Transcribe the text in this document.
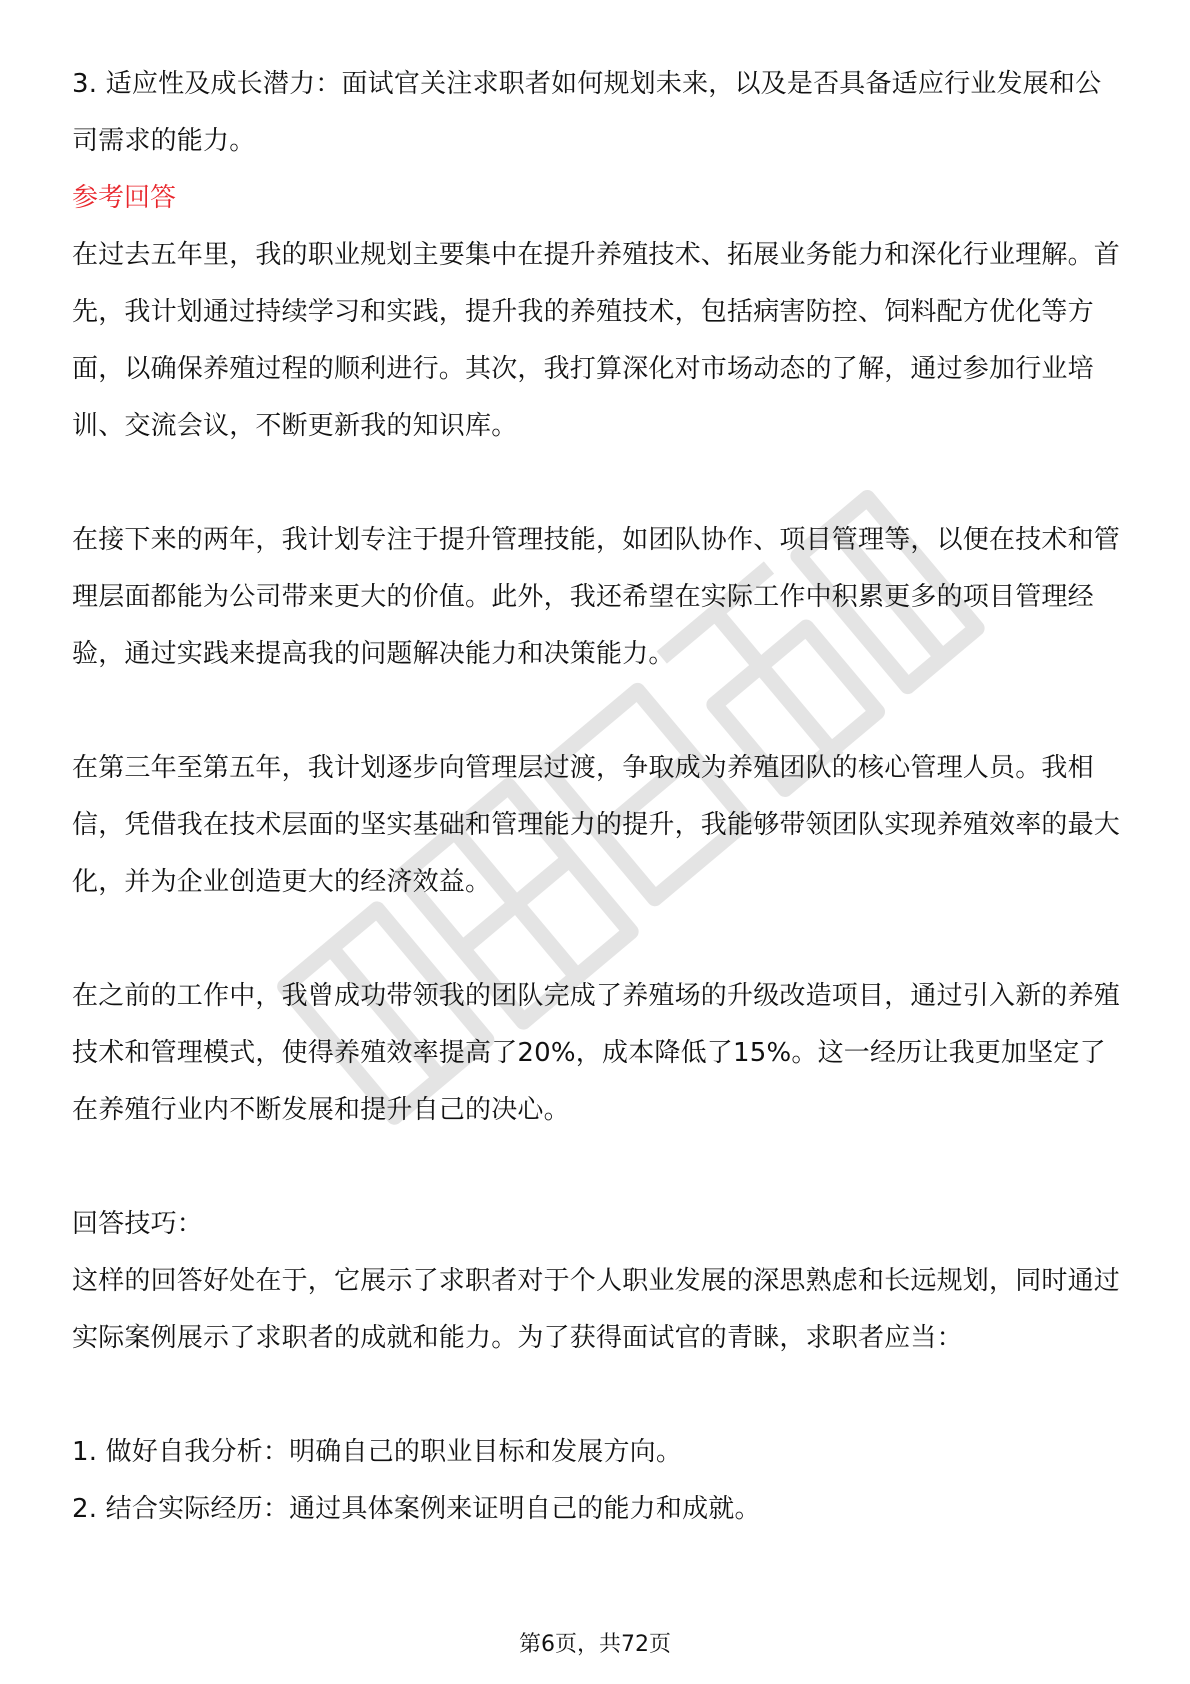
3. 适应性及成长潜力：面试官关注求职者如何规划未来，以及是否具备适应行业发展和公司需求的能力。

参考回答

在过去五年里，我的职业规划主要集中在提升养殖技术、拓展业务能力和深化行业理解。首先，我计划通过持续学习和实践，提升我的养殖技术，包括病害防控、饲料配方优化等方面，以确保养殖过程的顺利进行。其次，我打算深化对市场动态的了解，通过参加行业培训、交流会议，不断更新我的知识库。

在接下来的两年，我计划专注于提升管理技能，如团队协作、项目管理等，以便在技术和管理层面都能为公司带来更大的价值。此外，我还希望在实际工作中积累更多的项目管理经验，通过实践来提高我的问题解决能力和决策能力。

在第三年至第五年，我计划逐步向管理层过渡，争取成为养殖团队的核心管理人员。我相信，凭借我在技术层面的坚实基础和管理能力的提升，我能够带领团队实现养殖效率的最大化，并为企业创造更大的经济效益。

在之前的工作中，我曾成功带领我的团队完成了养殖场的升级改造项目，通过引入新的养殖技术和管理模式，使得养殖效率提高了20%，成本降低了15%。这一经历让我更加坚定了在养殖行业内不断发展和提升自己的决心。

回答技巧：

这样的回答好处在于，它展示了求职者对于个人职业发展的深思熟虑和长远规划，同时通过实际案例展示了求职者的成就和能力。为了获得面试官的青睐，求职者应当：

1. 做好自我分析：明确自己的职业目标和发展方向。

2. 结合实际经历：通过具体案例来证明自己的能力和成就。

第6页，共72页
